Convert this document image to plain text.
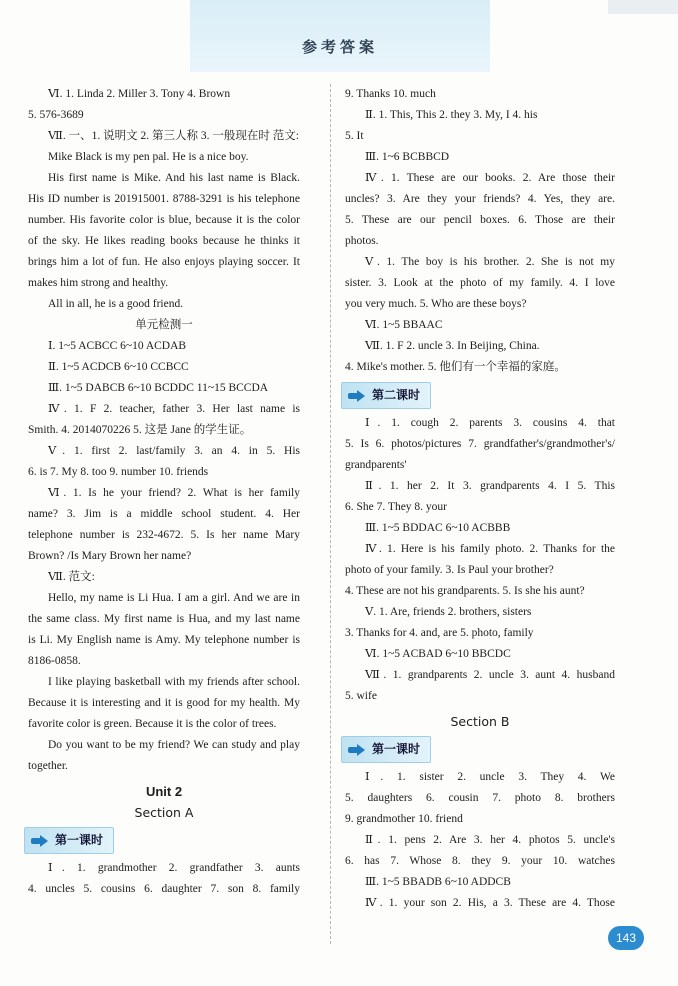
参考答案
Ⅵ. 1. Linda 2. Miller 3. Tony 4. Brown
5. 576-3689
Ⅶ. 一、1. 说明文 2. 第三人称 3. 一般现在时 范文:
Mike Black is my pen pal. He is a nice boy.
His first name is Mike. And his last name is Black.
His ID number is 201915001. 8788-3291 is his telephone
number. His favorite color is blue, because it is the color
of the sky. He likes reading books because he thinks it
brings him a lot of fun. He also enjoys playing soccer. It
makes him strong and healthy.
All in all, he is a good friend.
单元检测一
Ⅰ. 1~5 ACBCC 6~10 ACDAB
Ⅱ. 1~5 ACDCB 6~10 CCBCC
Ⅲ. 1~5 DABCB 6~10 BCDDC 11~15 BCCDA
Ⅳ. 1. F 2. teacher, father 3. Her last name is
Smith. 4. 2014070226 5. 这是 Jane 的学生证。
Ⅴ. 1. first 2. last/family 3. an 4. in 5. His
6. is 7. My 8. too 9. number 10. friends
Ⅵ. 1. Is he your friend? 2. What is her family
name? 3. Jim is a middle school student. 4. Her
telephone number is 232-4672. 5. Is her name Mary
Brown? /Is Mary Brown her name?
Ⅶ. 范文:
Hello, my name is Li Hua. I am a girl. And we are in
the same class. My first name is Hua, and my last name
is Li. My English name is Amy. My telephone number is
8186-0858.
I like playing basketball with my friends after school.
Because it is interesting and it is good for my health. My
favorite color is green. Because it is the color of trees.
Do you want to be my friend? We can study and play
together.
Unit 2
Section A
第一课时
Ⅰ. 1. grandmother 2. grandfather 3. aunts
4. uncles 5. cousins 6. daughter 7. son 8. family
9. Thanks 10. much
Ⅱ. 1. This, This 2. they 3. My, I 4. his
5. It
Ⅲ. 1~6 BCBBCD
Ⅳ. 1. These are our books. 2. Are those their
uncles? 3. Are they your friends? 4. Yes, they are.
5. These are our pencil boxes. 6. Those are their
photos.
Ⅴ. 1. The boy is his brother. 2. She is not my
sister. 3. Look at the photo of my family. 4. I love
you very much. 5. Who are these boys?
Ⅵ. 1~5 BBAAC
Ⅶ. 1. F 2. uncle 3. In Beijing, China.
4. Mike's mother. 5. 他们有一个幸福的家庭。
第二课时
Ⅰ. 1. cough 2. parents 3. cousins 4. that
5. Is 6. photos/pictures 7. grandfather's/grandmother's/
grandparents'
Ⅱ. 1. her 2. It 3. grandparents 4. I 5. This
6. She 7. They 8. your
Ⅲ. 1~5 BDDAC 6~10 ACBBB
Ⅳ. 1. Here is his family photo. 2. Thanks for the
photo of your family. 3. Is Paul your brother?
4. These are not his grandparents. 5. Is she his aunt?
Ⅴ. 1. Are, friends 2. brothers, sisters
3. Thanks for 4. and, are 5. photo, family
Ⅵ. 1~5 ACBAD 6~10 BBCDC
Ⅶ. 1. grandparents 2. uncle 3. aunt 4. husband
5. wife
Section B
第一课时
Ⅰ. 1. sister 2. uncle 3. They 4. We
5. daughters 6. cousin 7. photo 8. brothers
9. grandmother 10. friend
Ⅱ. 1. pens 2. Are 3. her 4. photos 5. uncle's
6. has 7. Whose 8. they 9. your 10. watches
Ⅲ. 1~5 BBADB 6~10 ADDCB
Ⅳ. 1. your son 2. His, a 3. These are 4. Those
143
